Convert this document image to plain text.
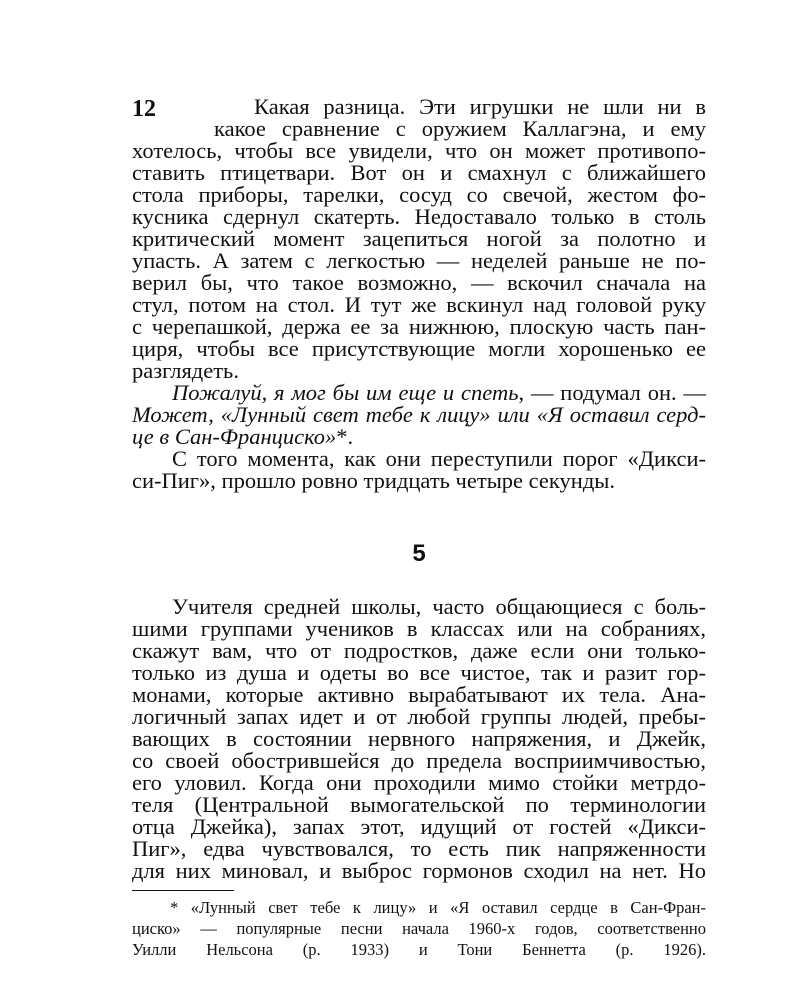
12	Какая разница. Эти игрушки не шли ни в
какое сравнение с оружием Каллагэна, и ему
хотелось, чтобы все увидели, что он может противопо-
ставить птицетвари. Вот он и смахнул с ближайшего
стола приборы, тарелки, сосуд со свечой, жестом фо-
кусника сдернул скатерть. Недоставало только в столь
критический момент зацепиться ногой за полотно и
упасть. А затем с легкостью — неделей раньше не по-
верил бы, что такое возможно, — вскочил сначала на
стул, потом на стол. И тут же вскинул над головой руку
с черепашкой, держа ее за нижнюю, плоскую часть пан-
циря, чтобы все присутствующие могли хорошенько ее
разглядеть.

Пожалуй, я мог бы им еще и спеть, — подумал он. —
Может, «Лунный свет тебе к лицу» или «Я оставил серд-
це в Сан-Франциско»*.

С того момента, как они переступили порог «Дикси-
си-Пиг», прошло ровно тридцать четыре секунды.

5

Учителя средней школы, часто общающиеся с боль-
шими группами учеников в классах или на собраниях,
скажут вам, что от подростков, даже если они только-
только из душа и одеты во все чистое, так и разит гор-
монами, которые активно вырабатывают их тела. Ана-
логичный запах идет и от любой группы людей, пребы-
вающих в состоянии нервного напряжения, и Джейк,
со своей обострившейся до предела восприимчивостью,
его уловил. Когда они проходили мимо стойки метрдо-
теля (Центральной вымогательской по терминологии
отца Джейка), запах этот, идущий от гостей «Дикси-
Пиг», едва чувствовался, то есть пик напряженности
для них миновал, и выброс гормонов сходил на нет. Но

* «Лунный свет тебе к лицу» и «Я оставил сердце в Сан-Фран-
циско» — популярные песни начала 1960-х годов, соответственно
Уилли Нельсона (р. 1933) и Тони Беннетта (р. 1926).
